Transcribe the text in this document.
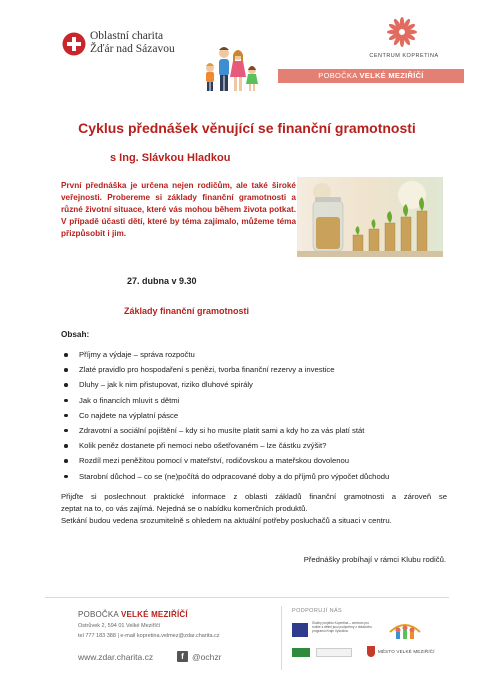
Oblastní charita
Žďár nad Sázavou
CENTRUM KOPRETINA
POBOČKA VELKÉ MEZIŘÍČÍ
Cyklus přednášek věnující se finanční gramotnosti
s Ing. Slávkou Hladkou
První přednáška je určena nejen rodičům, ale také široké veřejnosti. Probereme si základy finanční gramotnosti a různé životní situace, které vás mohou během života potkat. V případě účasti dětí, které by téma zajímalo, můžeme téma přizpůsobit i jim.
27. dubna v 9.30
Základy finanční gramotnosti
Obsah:
Příjmy a výdaje – správa rozpočtu
Zlaté pravidlo pro hospodaření s penězi, tvorba finanční rezervy a investice
Dluhy – jak k nim přistupovat, riziko dluhové spirály
Jak o financích mluvit s dětmi
Co najdete na výplatní pásce
Zdravotní a sociální pojištění – kdy si ho musíte platit sami a kdy ho za vás platí stát
Kolik peněz dostanete při nemoci nebo ošetřovaném – lze částku zvýšit?
Rozdíl mezi peněžitou pomocí v mateřství, rodičovskou a mateřskou dovolenou
Starobní důchod – co se (ne)počítá do odpracované doby a do příjmů pro výpočet důchodu
Přijďte si poslechnout praktické informace z oblasti základů finanční gramotnosti a zároveň se
zeptat na to, co vás zajímá. Nejedná se o nabídku komerčních produktů.
Setkání budou vedena srozumitelně s ohledem na aktuální potřeby posluchačů a situaci v centru.
Přednášky probíhají v rámci Klubu rodičů.
POBOČKA VELKÉ MEZIŘÍČÍ
Ostrůvek 2, 594 01 Velké Meziříčí
tel 777 183 388 | e-mail kopretina.velmez@zdar.charita.cz
www.zdar.charita.cz	f @ochzr
PODPORUJÍ NÁS
Služby projektu Kopretina – centrum pro rodiče s dětmi jsou podpořeny z dotačního programu Kraje Vysočina.
MĚSTO VELKÉ MEZIŘÍČÍ
